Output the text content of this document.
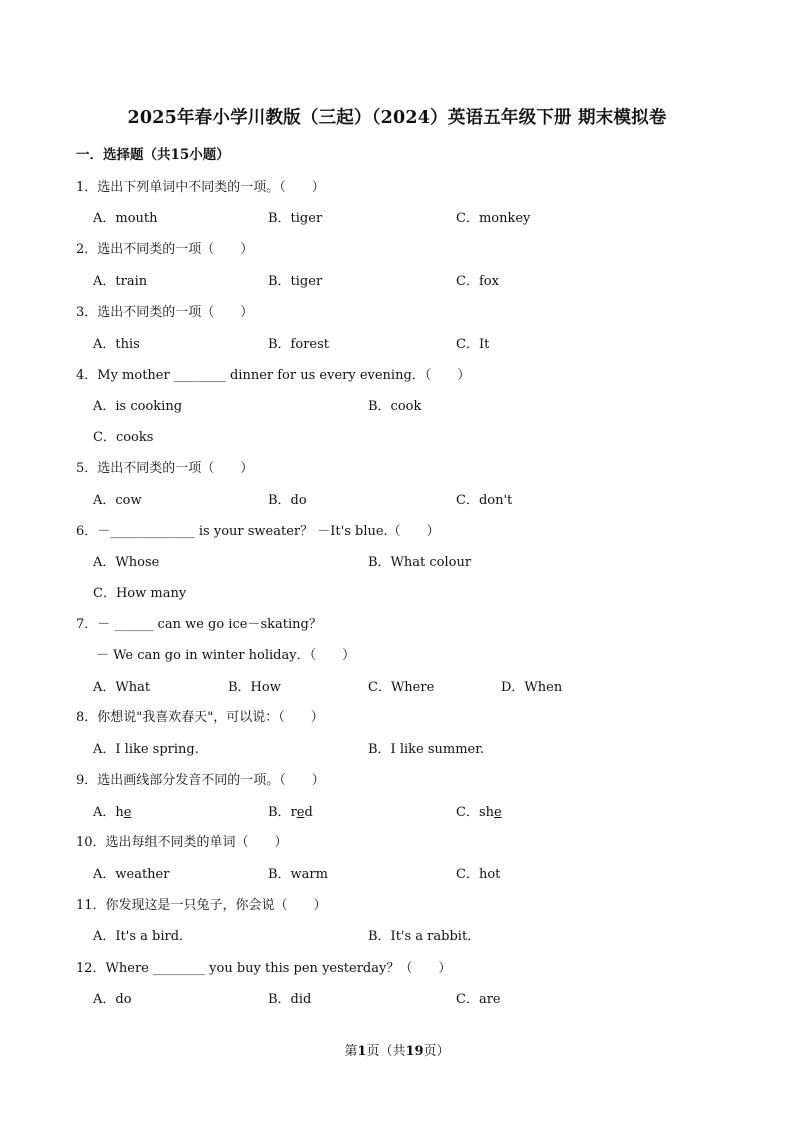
2025年春小学川教版（三起）（2024）英语五年级下册 期末模拟卷
一．选择题（共15小题）
1．选出下列单词中不同类的一项。（　　）
A．mouth	B．tiger	C．monkey
2．选出不同类的一项（　　）
A．train	B．tiger	C．fox
3．选出不同类的一项（　　）
A．this	B．forest	C．It
4．My mother ________ dinner for us every evening．（　　）
A．is cooking	B．cook
C．cooks
5．选出不同类的一项（　　）
A．cow	B．do	C．don't
6．－_____________ is your sweater？ －It's blue.（　　）
A．Whose	B．What colour
C．How many
7．－ ______ can we go ice－skating？
－ We can go in winter holiday．（　　）
A．What	B．How	C．Where	D．When
8．你想说"我喜欢春天"，可以说：（　　）
A．I like spring.	B．I like summer.
9．选出画线部分发音不同的一项。（　　）
A．he	B．red	C．she
10．选出每组不同类的单词（　　）
A．weather	B．warm	C．hot
11．你发现这是一只兔子，你会说（　　）
A．It's a bird．	B．It's a rabbit．
12．Where ________ you buy this pen yesterday？（　　）
A．do	B．did	C．are
第1页（共19页）
